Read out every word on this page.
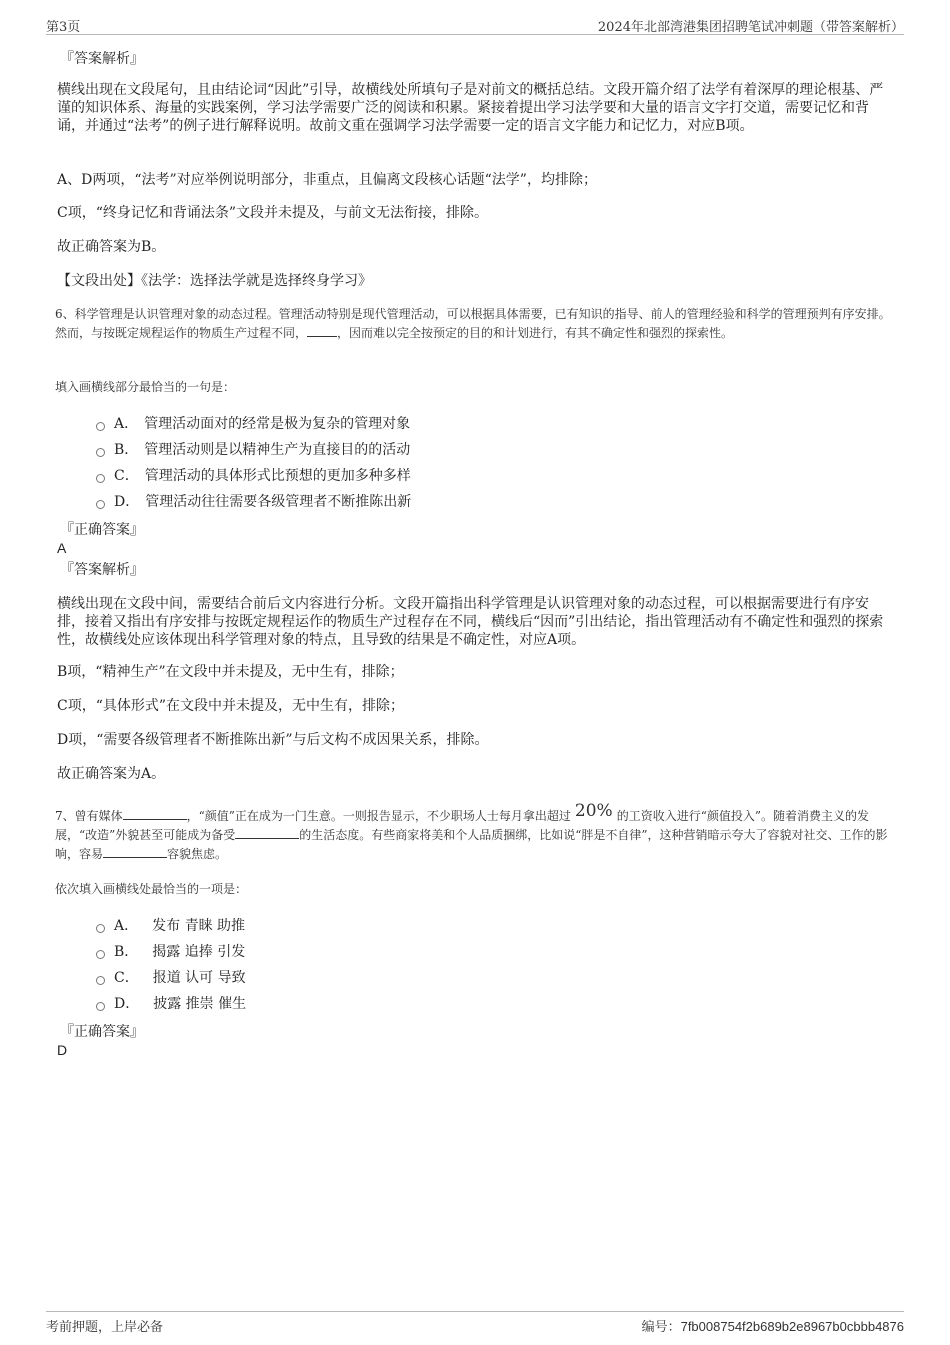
第3页	2024年北部湾港集团招聘笔试冲刺题（带答案解析）
『答案解析』
横线出现在文段尾句，且由结论词“因此”引导，故横线处所填句子是对前文的概括总结。文段开篇介绍了法学有着深厚的理论根基、严谨的知识体系、海量的实践案例，学习法学需要广泛的阅读和积累。紧接着提出学习法学要和大量的语言文字打交道，需要记忆和背诵，并通过“法考”的例子进行解释说明。故前文重在强调学习法学需要一定的语言文字能力和记忆力，对应B项。
A、D两项，“法考”对应举例说明部分，非重点，且偏离文段核心话题“法学”，均排除；
C项，“终身记忆和背诵法条”文段并未提及，与前文无法衔接，排除。
故正确答案为B。
【文段出处】《法学：选择法学就是选择终身学习》
6、科学管理是认识管理对象的动态过程。管理活动特别是现代管理活动，可以根据具体需要，已有知识的指导、前人的管理经验和科学的管理预判有序安排。然而，与按既定规程运作的物质生产过程不同，	，因而难以完全按预定的目的和计划进行，有其不确定性和强烈的探索性。
填入画横线部分最恰当的一句是：
A． 管理活动面对的经常是极为复杂的管理对象
B． 管理活动则是以精神生产为直接目的的活动
C． 管理活动的具体形式比预想的更加多种多样
D． 管理活动往往需要各级管理者不断推陈出新
『正确答案』
A
『答案解析』
横线出现在文段中间，需要结合前后文内容进行分析。文段开篇指出科学管理是认识管理对象的动态过程，可以根据需要进行有序安排，接着又指出有序安排与按既定规程运作的物质生产过程存在不同，横线后“因而”引出结论，指出管理活动有不确定性和强烈的探索性，故横线处应该体现出科学管理对象的特点，且导致的结果是不确定性，对应A项。
B项，“精神生产”在文段中并未提及，无中生有，排除；
C项，“具体形式”在文段中并未提及，无中生有，排除；
D项，“需要各级管理者不断推陈出新”与后文构不成因果关系，排除。
故正确答案为A。
7、曾有媒体	，“颜值”正在成为一门生意。一则报告显示，不少职场人士每月拿出超过 20% 的工资收入进行“颜值投入”。随着消费主义的发展，“改造”外貌甚至可能成为备受	的生活态度。有些商家将美和个人品质捆绑，比如说“胖是不自律”，这种营销暗示夸大了容貌对社交、工作的影响，容易	容貌焦虑。
依次填入画横线处最恰当的一项是：
A． 发布 青睐 助推
B． 揭露 追捧 引发
C． 报道 认可 导致
D． 披露 推崇 催生
『正确答案』
D
考前押题，上岸必备	编号：7fb008754f2b689b2e8967b0cbbb4876
